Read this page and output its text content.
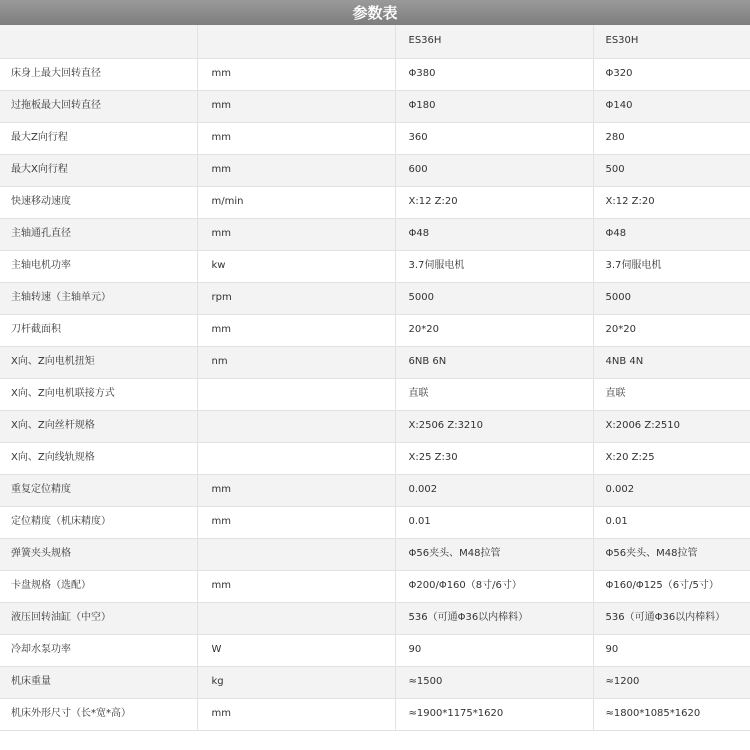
参数表
		ES36H	ES30H
床身上最大回转直径	mm	Φ380	Φ320
过拖板最大回转直径	mm	Φ180	Φ140
最大Z向行程	mm	360	280
最大X向行程	mm	600	500
快速移动速度	m/min	X:12 Z:20	X:12 Z:20
主轴通孔直径	mm	Φ48	Φ48
主轴电机功率	kw	3.7伺服电机	3.7伺服电机
主轴转速（主轴单元）	rpm	5000	5000
刀杆截面积	mm	20*20	20*20
X向、Z向电机扭矩	nm	6NB 6N	4NB 4N
X向、Z向电机联接方式		直联	直联
X向、Z向丝杆规格		X:2506 Z:3210	X:2006 Z:2510
X向、Z向线轨规格		X:25 Z:30	X:20 Z:25
重复定位精度	mm	0.002	0.002
定位精度（机床精度）	mm	0.01	0.01
弹簧夹头规格		Φ56夹头、M48拉管	Φ56夹头、M48拉管
卡盘规格（选配）	mm	Φ200/Φ160（8寸/6寸）	Φ160/Φ125（6寸/5寸）
液压回转油缸（中空）		536（可通Φ36以内棒料）	536（可通Φ36以内棒料）
冷却水泵功率	W	90	90
机床重量	kg	≈1500	≈1200
机床外形尺寸（长*宽*高）	mm	≈1900*1175*1620	≈1800*1085*1620
